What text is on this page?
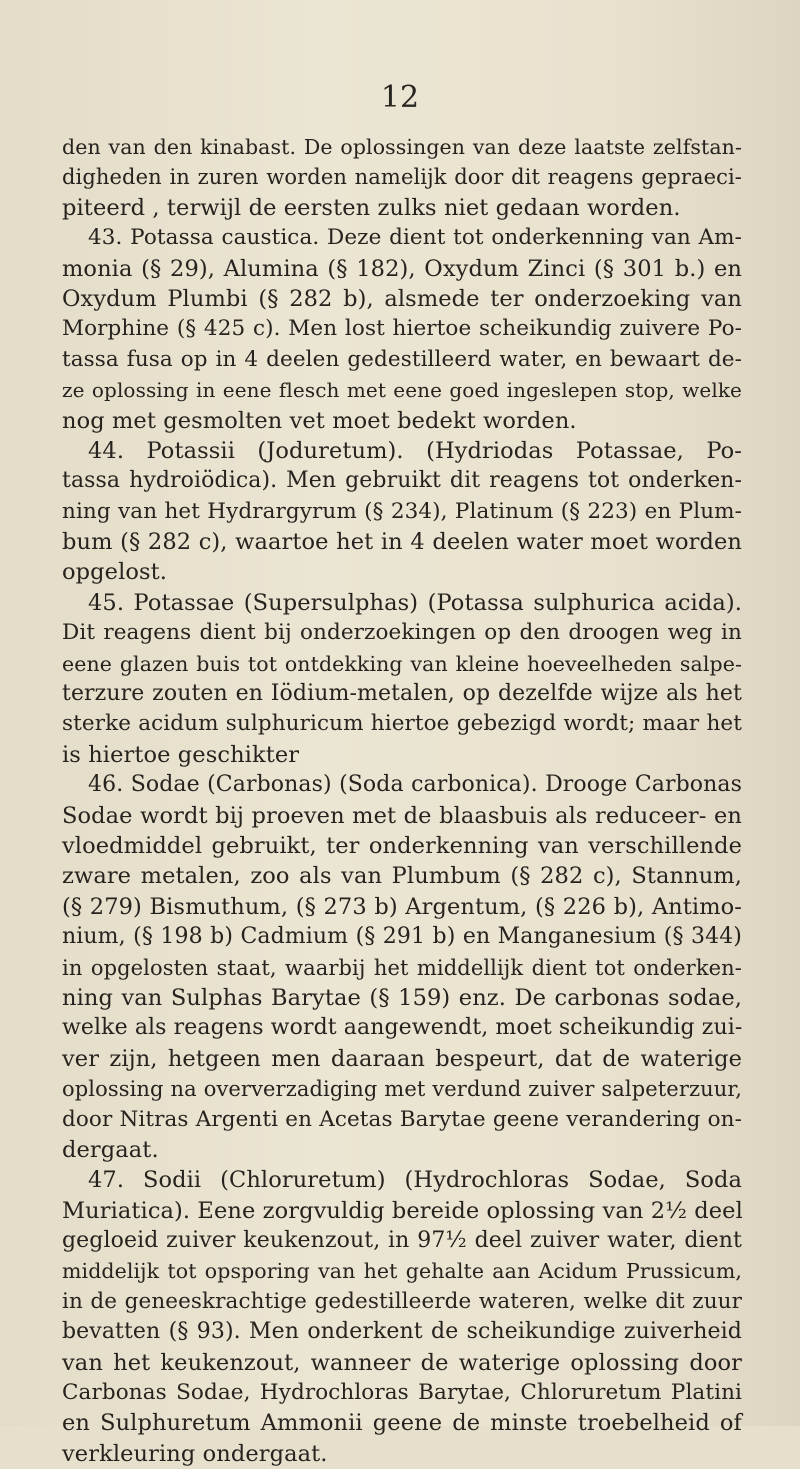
12
den van den kinabast. De oplossingen van deze laatste zelfstan-
digheden in zuren worden namelijk door dit reagens gepraeci-
piteerd , terwijl de eersten zulks niet gedaan worden.
43. Potassa caustica. Deze dient tot onderkenning van Am-
monia (§ 29), Alumina (§ 182), Oxydum Zinci (§ 301 b.) en
Oxydum Plumbi (§ 282 b), alsmede ter onderzoeking van
Morphine (§ 425 c). Men lost hiertoe scheikundig zuivere Po-
tassa fusa op in 4 deelen gedestilleerd water, en bewaart de-
ze oplossing in eene flesch met eene goed ingeslepen stop, welke
nog met gesmolten vet moet bedekt worden.
44. Potassii (Joduretum). (Hydriodas Potassae, Po-
tassa hydroiödica). Men gebruikt dit reagens tot onderken-
ning van het Hydrargyrum (§ 234), Platinum (§ 223) en Plum-
bum (§ 282 c), waartoe het in 4 deelen water moet worden
opgelost.
45. Potassae (Supersulphas) (Potassa sulphurica acida).
Dit reagens dient bij onderzoekingen op den droogen weg in
eene glazen buis tot ontdekking van kleine hoeveelheden salpe-
terzure zouten en Iödium-metalen, op dezelfde wijze als het
sterke acidum sulphuricum hiertoe gebezigd wordt; maar het
is hiertoe geschikter
46. Sodae (Carbonas) (Soda carbonica). Drooge Carbonas
Sodae wordt bij proeven met de blaasbuis als reduceer- en
vloedmiddel gebruikt, ter onderkenning van verschillende
zware metalen, zoo als van Plumbum (§ 282 c), Stannum,
(§ 279) Bismuthum, (§ 273 b) Argentum, (§ 226 b), Antimo-
nium, (§ 198 b) Cadmium (§ 291 b) en Manganesium (§ 344)
in opgelosten staat, waarbij het middellijk dient tot onderken-
ning van Sulphas Barytae (§ 159) enz. De carbonas sodae,
welke als reagens wordt aangewendt, moet scheikundig zui-
ver zijn, hetgeen men daaraan bespeurt, dat de waterige
oplossing na oververzadiging met verdund zuiver salpeterzuur,
door Nitras Argenti en Acetas Barytae geene verandering on-
dergaat.
47. Sodii (Chloruretum) (Hydrochloras Sodae, Soda
Muriatica). Eene zorgvuldig bereide oplossing van 2½ deel
gegloeid zuiver keukenzout, in 97½ deel zuiver water, dient
middelijk tot opsporing van het gehalte aan Acidum Prussicum,
in de geneeskrachtige gedestilleerde wateren, welke dit zuur
bevatten (§ 93). Men onderkent de scheikundige zuiverheid
van het keukenzout, wanneer de waterige oplossing door
Carbonas Sodae, Hydrochloras Barytae, Chloruretum Platini
en Sulphuretum Ammonii geene de minste troebelheid of
verkleuring ondergaat.
